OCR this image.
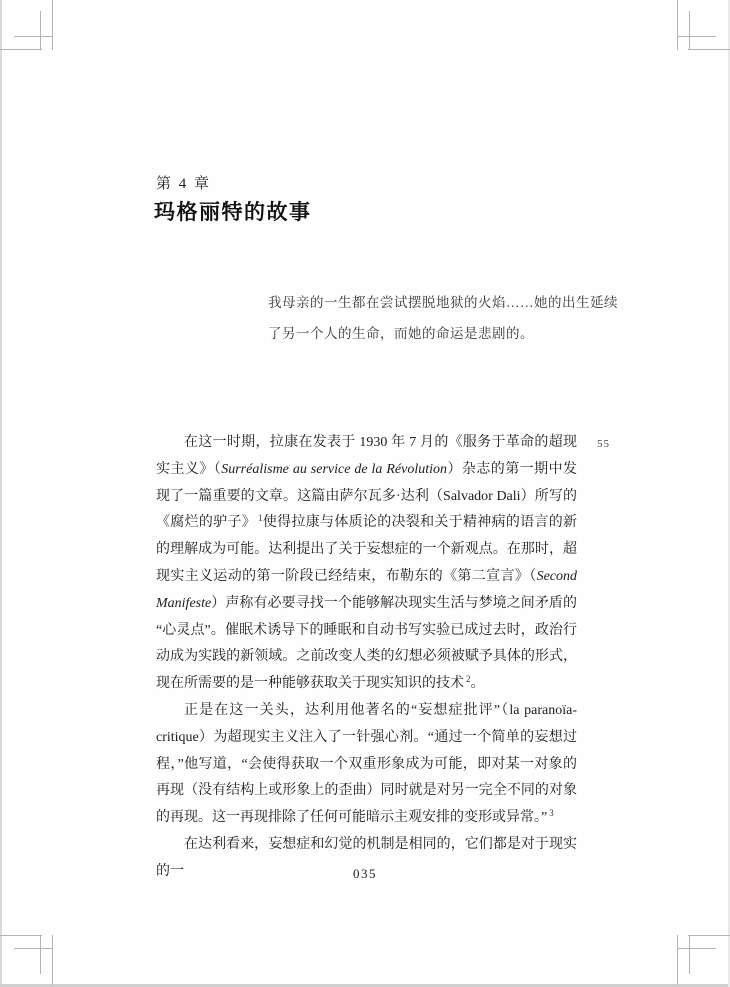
第 4 章
玛格丽特的故事
我母亲的一生都在尝试摆脱地狱的火焰……她的出生延续
了另一个人的生命，而她的命运是悲剧的。
55

在这一时期，拉康在发表于 1930 年 7 月的《服务于革命的超现实主义》（Surréalisme au service de la Révolution）杂志的第一期中发现了一篇重要的文章。这篇由萨尔瓦多·达利（Salvador Dali）所写的《腐烂的驴子》 $^1$使得拉康与体质论的决裂和关于精神病的语言的新的理解成为可能。达利提出了关于妄想症的一个新观点。在那时，超现实主义运动的第一阶段已经结束，布勒东的《第二宣言》（Second Manifeste）声称有必要寻找一个能够解决现实生活与梦境之间矛盾的“心灵点”。催眠术诱导下的睡眠和自动书写实验已成过去时，政治行动成为实践的新领域。之前改变人类的幻想必须被赋予具体的形式，现在所需要的是一种能够获取关于现实知识的技术 $^2$。

正是在这一关头，达利用他著名的“妄想症批评”（la paranoïa-critique）为超现实主义注入了一针强心剂。“通过一个简单的妄想过程，”他写道，“会使得获取一个双重形象成为可能，即对某一对象的再现（没有结构上或形象上的歪曲）同时就是对另一完全不同的对象的再现。这一再现排除了任何可能暗示主观安排的变形或异常。” $^3$

在达利看来，妄想症和幻觉的机制是相同的，它们都是对于现实的一	035
